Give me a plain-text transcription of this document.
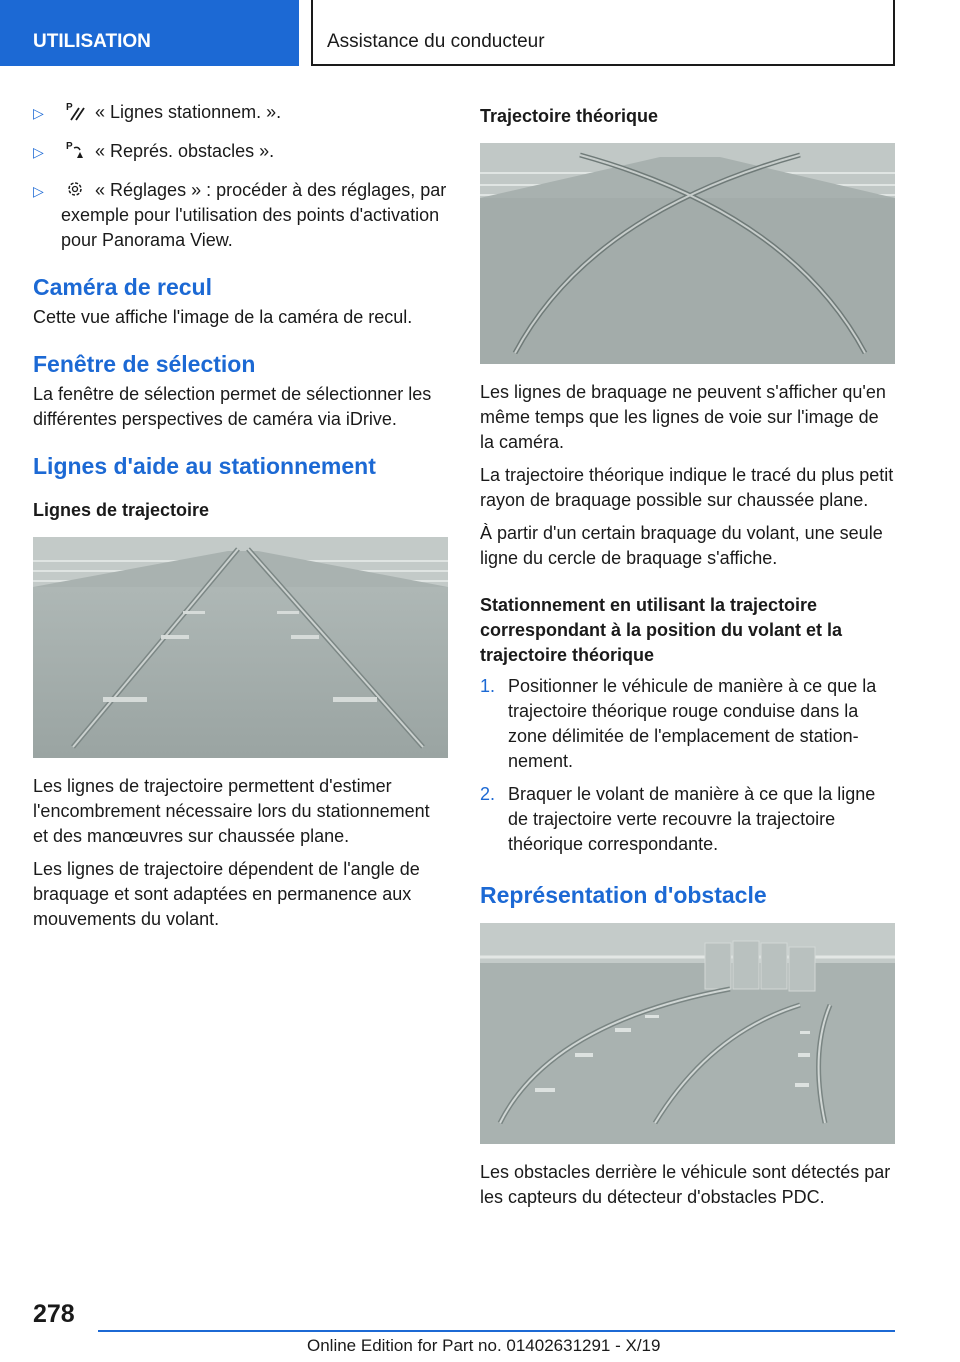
UTILISATION	Assistance du conducteur
▷ P « Lignes stationnem. ».
▷ P « Représ. obstacles ».
▷	« Réglages » : procéder à des réglages, par exemple pour l'utilisation des points d'activation pour Panorama View.
Caméra de recul
Cette vue affiche l'image de la caméra de recul.
Fenêtre de sélection
La fenêtre de sélection permet de sélectionner les différentes perspectives de caméra via iDrive.
Lignes d'aide au stationnement
Lignes de trajectoire
Les lignes de trajectoire permettent d'estimer l'encombrement nécessaire lors du stationnement et des manœuvres sur chaussée plane.
Les lignes de trajectoire dépendent de l'angle de braquage et sont adaptées en permanence aux mouvements du volant.
Trajectoire théorique
Les lignes de braquage ne peuvent s'afficher qu'en même temps que les lignes de voie sur l'image de la caméra.
La trajectoire théorique indique le tracé du plus petit rayon de braquage possible sur chaussée plane.
À partir d'un certain braquage du volant, une seule ligne du cercle de braquage s'affiche.
Stationnement en utilisant la trajectoire correspondant à la position du volant et la trajectoire théorique
1. Positionner le véhicule de manière à ce que la trajectoire théorique rouge conduise dans la zone délimitée de l'emplacement de stationnement.
2. Braquer le volant de manière à ce que la ligne de trajectoire verte recouvre la trajectoire théorique correspondante.
Représentation d'obstacle
Les obstacles derrière le véhicule sont détectés par les capteurs du détecteur d'obstacles PDC.
278
Online Edition for Part no. 01402631291 - X/19
